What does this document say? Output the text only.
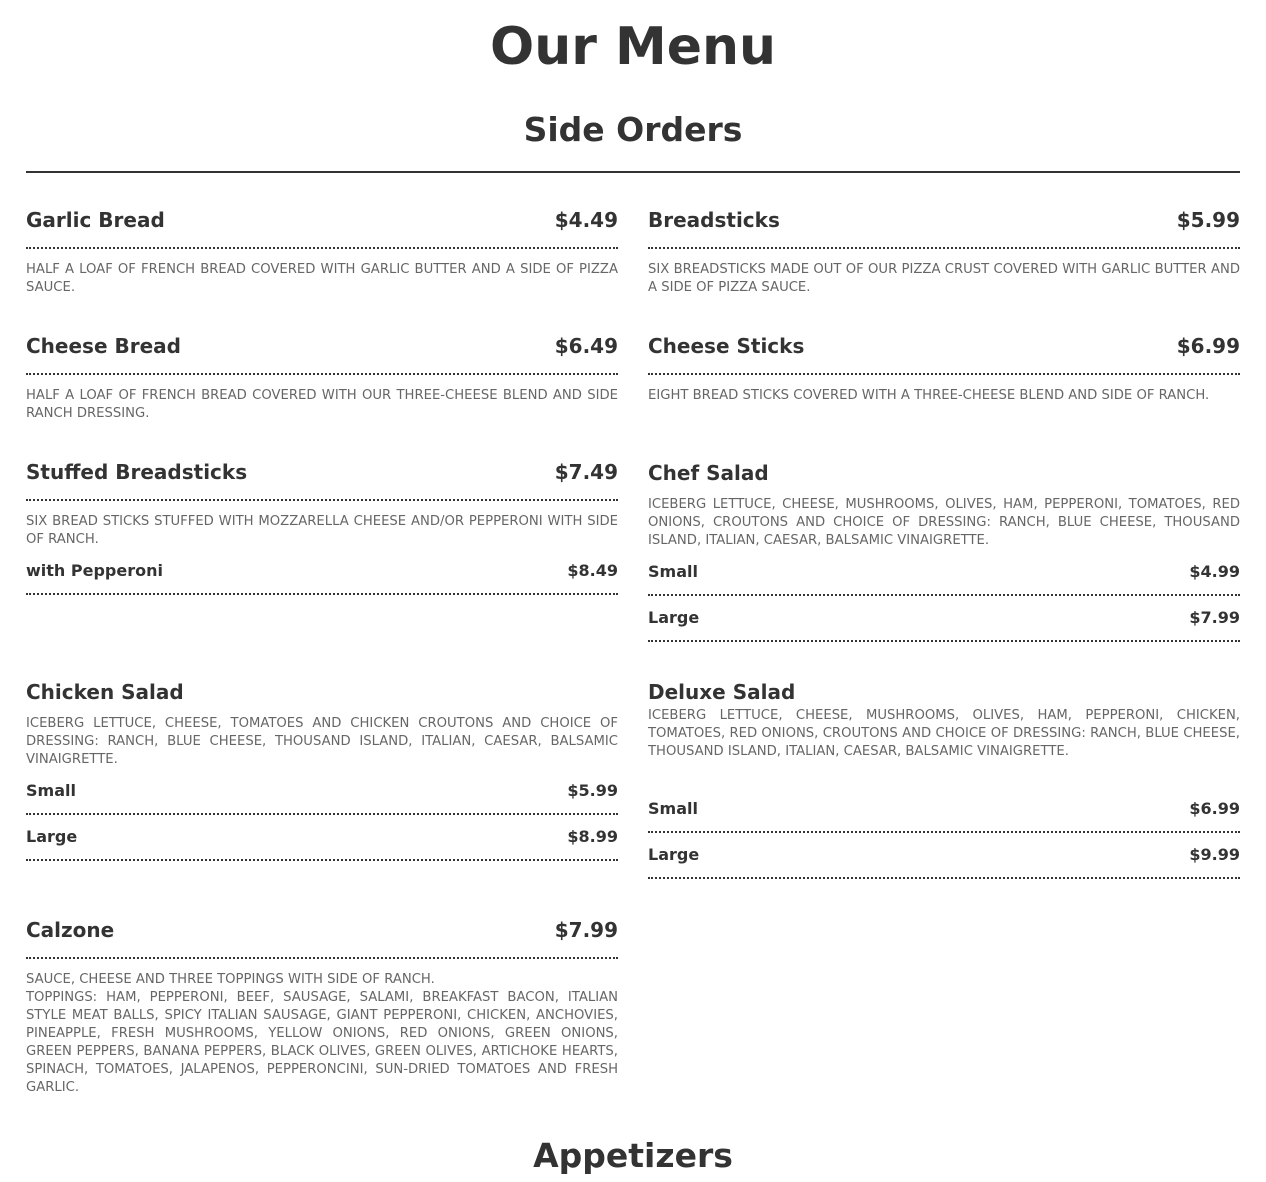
Our Menu
Side Orders
Garlic Bread	$4.49

HALF A LOAF OF FRENCH BREAD COVERED WITH GARLIC BUTTER AND A SIDE OF PIZZA SAUCE.

Cheese Bread	$6.49

HALF A LOAF OF FRENCH BREAD COVERED WITH OUR THREE-CHEESE BLEND AND SIDE RANCH DRESSING.

Stuffed Breadsticks	$7.49

SIX BREAD STICKS STUFFED WITH MOZZARELLA CHEESE AND/OR PEPPERONI WITH SIDE OF RANCH.

with Pepperoni	$8.49
Chicken Salad

ICEBERG LETTUCE, CHEESE, TOMATOES AND CHICKEN CROUTONS AND CHOICE OF DRESSING: RANCH, BLUE CHEESE, THOUSAND ISLAND, ITALIAN, CAESAR, BALSAMIC VINAIGRETTE.

Small	$5.99
Large	$8.99
Calzone	$7.99

SAUCE, CHEESE AND THREE TOPPINGS WITH SIDE OF RANCH.

TOPPINGS: HAM, PEPPERONI, BEEF, SAUSAGE, SALAMI, BREAKFAST BACON, ITALIAN STYLE MEAT BALLS, SPICY ITALIAN SAUSAGE, GIANT PEPPERONI, CHICKEN, ANCHOVIES, PINEAPPLE, FRESH MUSHROOMS, YELLOW ONIONS, RED ONIONS, GREEN ONIONS, GREEN PEPPERS, BANANA PEPPERS, BLACK OLIVES, GREEN OLIVES, ARTICHOKE HEARTS, SPINACH, TOMATOES, JALAPENOS, PEPPERONCINI, SUN-DRIED TOMATOES AND FRESH GARLIC.

Breadsticks	$5.99

SIX BREADSTICKS MADE OUT OF OUR PIZZA CRUST COVERED WITH GARLIC BUTTER AND A SIDE OF PIZZA SAUCE.

Cheese Sticks	$6.99

EIGHT BREAD STICKS COVERED WITH A THREE-CHEESE BLEND AND SIDE OF RANCH.

Chef Salad

ICEBERG LETTUCE, CHEESE, MUSHROOMS, OLIVES, HAM, PEPPERONI, TOMATOES, RED ONIONS, CROUTONS AND CHOICE OF DRESSING: RANCH, BLUE CHEESE, THOUSAND ISLAND, ITALIAN, CAESAR, BALSAMIC VINAIGRETTE.

Small	$4.99
Large	$7.99
Deluxe Salad

ICEBERG LETTUCE, CHEESE, MUSHROOMS, OLIVES, HAM, PEPPERONI, CHICKEN, TOMATOES, RED ONIONS, CROUTONS AND CHOICE OF DRESSING: RANCH, BLUE CHEESE, THOUSAND ISLAND, ITALIAN, CAESAR, BALSAMIC VINAIGRETTE.

Small	$6.99
Large	$9.99
Appetizers
